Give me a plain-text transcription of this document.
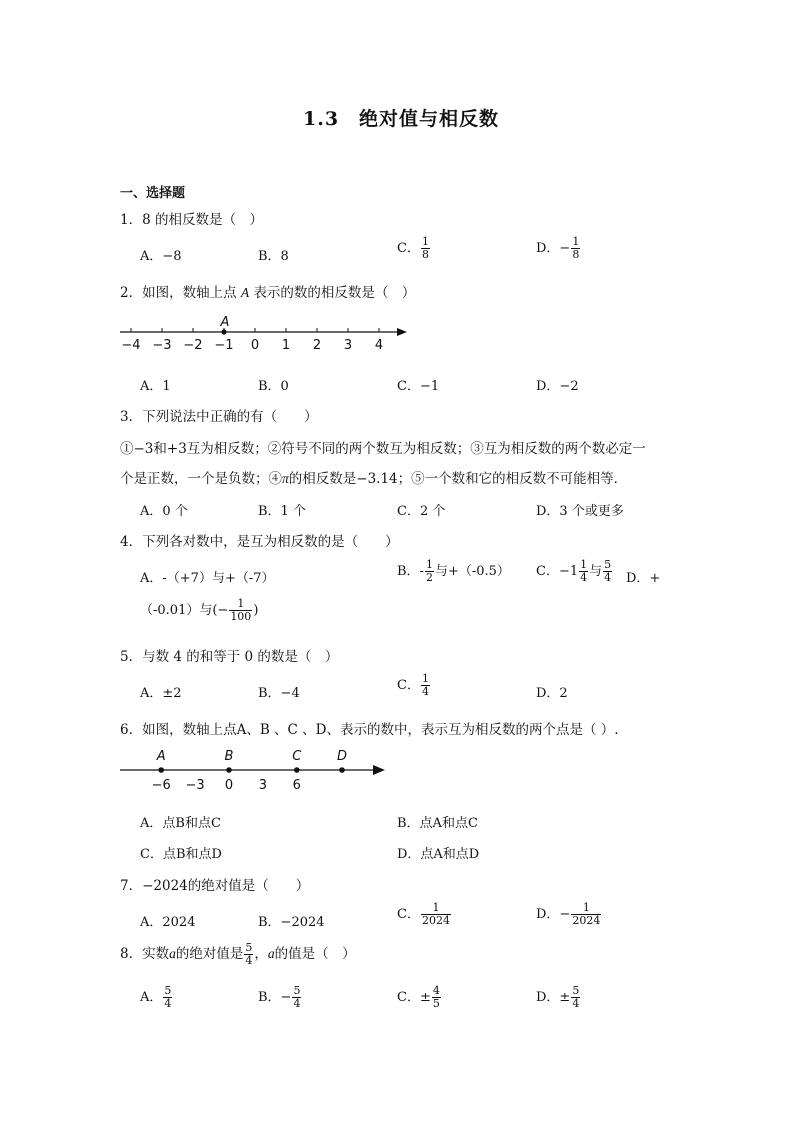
1.3　绝对值与相反数
一、选择题
1．8 的相反数是（　）
A．−8	B．8
C． $\frac{1}{8}$	D．− $\frac{1}{8}$
2．如图，数轴上点 A 表示的数的相反数是（　）
−4 −3 −2 −1 0 1 2 3 4
A
A．1	B．0	C．−1	D．−2
3．下列说法中正确的有（　　）
①−3和+3互为相反数；②符号不同的两个数互为相反数；③互为相反数的两个数必定一
个是正数，一个是负数；④π的相反数是−3.14；⑤一个数和它的相反数不可能相等．
A．0 个	B．1 个	C．2 个	D．3 个或更多
4．下列各对数中，是互为相反数的是（　　）
A．-（+7）与+（-7）	B．- $\frac{1}{2}$ 与+（-0.5） C．$-1 \frac{1}{4}$ 与 $\frac{5}{4}$ D．+
（-0.01）与(− $\frac{1}{100}$ )
5．与数 4 的和等于 0 的数是（　）
A．±2	B．−4
C． $\frac{1}{4}$	D．2
6．如图，数轴上点A、B 、C 、D、表示的数中，表示互为相反数的两个点是（ ）.
−6 −3 0 3 6
A	B	C	D
A．点B和点C	B．点A和点C
C．点B和点D	D．点A和点D
7．−2024的绝对值是（　　）
A．2024	B．−2024
C． $\frac{1}{2024}$	D．− $\frac{1}{2024}$
8．实数a的绝对值是 $\frac{5}{4}$ ，a的值是（　）
A． $\frac{5}{4}$	B．− $\frac{5}{4}$	C．± $\frac{4}{5}$	D．± $\frac{5}{4}$
